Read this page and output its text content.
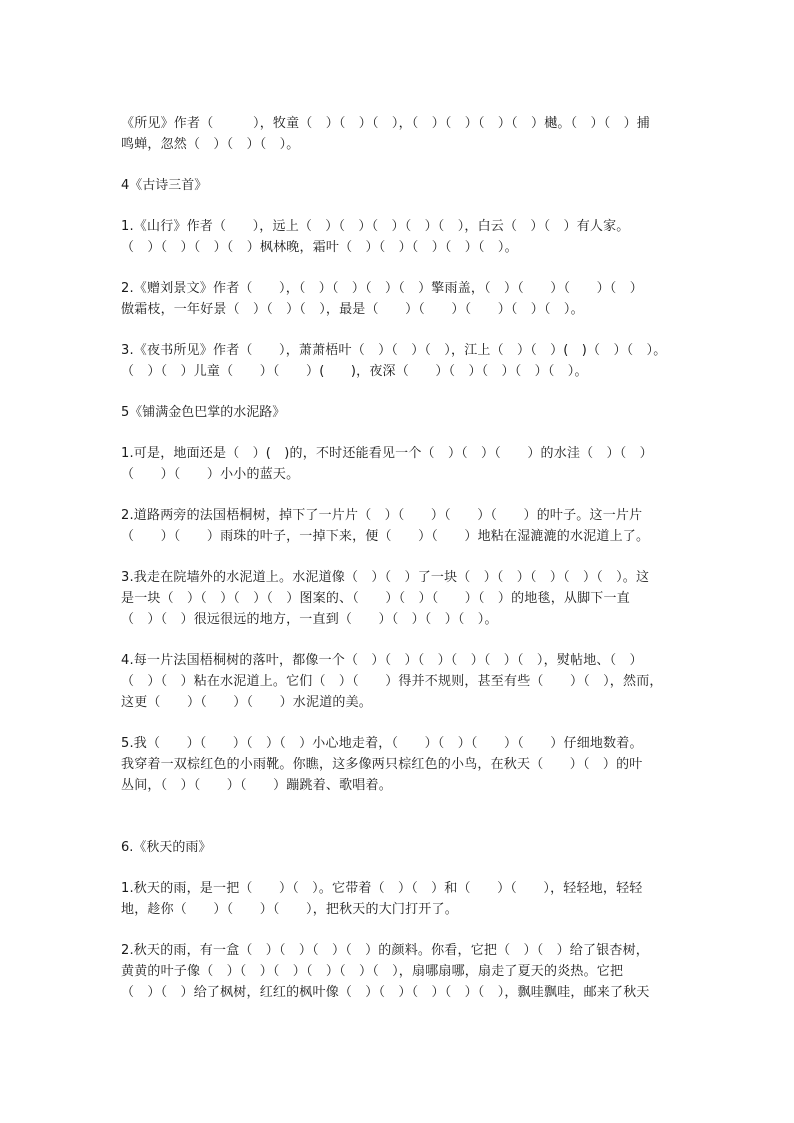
《所见》作者（　　　），牧童（　）（　）（　），（　）（　）（　）（　）樾。（　）（　）捕

鸣蝉，忽然（　）（　）（　）。

4《古诗三首》

1.《山行》作者（　　），远上（　）（　）（　）（　）（　），白云（　）（　）有人家。

（　）（　）（　）（　）枫林晚，霜叶（　）（　）（　）（　）（　）。

2.《赠刘景文》作者（　　），（　）（　）（　）（　）擎雨盖，（　）（　　）（　　）（　）

傲霜枝，一年好景（　）（　）（　），最是（　　）（　　）（　　）（　）（　）。

3.《夜书所见》作者（　　），萧萧梧叶（　）（　）（　），江上（　）（　）(　)（　）（　）。

（　）（　）儿童（　　）（　　）(　　)，夜深（　　）（　）（　）（　）（　）。

5《铺满金色巴掌的水泥路》

1.可是，地面还是（　）(　)的，不时还能看见一个（　）（　）（　　）的水洼（　）（　）

（　　）（　　）小小的蓝天。

2.道路两旁的法国梧桐树，掉下了一片片（　）（　　）（　　）（　　）的叶子。这一片片

（　　）（　　）雨珠的叶子，一掉下来，便（　　）（　　）地粘在湿漉漉的水泥道上了。

3.我走在院墙外的水泥道上。水泥道像（　）（　）了一块（　）（　）（　）（　）（　）。这

是一块（　）（　）（　）（　）图案的、（　　）（　）（　　）（　）的地毯，从脚下一直

（　）（　）很远很远的地方，一直到（　　）（　）（　）（　）。

4.每一片法国梧桐树的落叶，都像一个（　）（　）（　）（　）（　）（　），熨帖地、（　）

（　）（　）粘在水泥道上。它们（　）（　　）得并不规则，甚至有些（　　）（　），然而，

这更（　　）（　　）（　　）水泥道的美。

5.我（　　）（　　）（　）（　）小心地走着，（　　）（　）（　　）（　　）仔细地数着。

我穿着一双棕红色的小雨靴。你瞧，这多像两只棕红色的小鸟，在秋天（　　）（　）的叶

丛间，（　）（　　）（　　）蹦跳着、歌唱着。

6.《秋天的雨》

1.秋天的雨，是一把（　　）（　）。它带着（　）（　）和（　　）（　　），轻轻地，轻轻

地，趁你（　　）（　　）（　　），把秋天的大门打开了。

2.秋天的雨，有一盒（　）（　）（　）（　）的颜料。你看，它把（　）（　）给了银杏树，

黄黄的叶子像（　）（　）（　）（　）（　）（　），扇哪扇哪，扇走了夏天的炎热。它把

（　）（　）给了枫树，红红的枫叶像（　）（　）（　）（　）（　），飘哇飘哇，邮来了秋天
